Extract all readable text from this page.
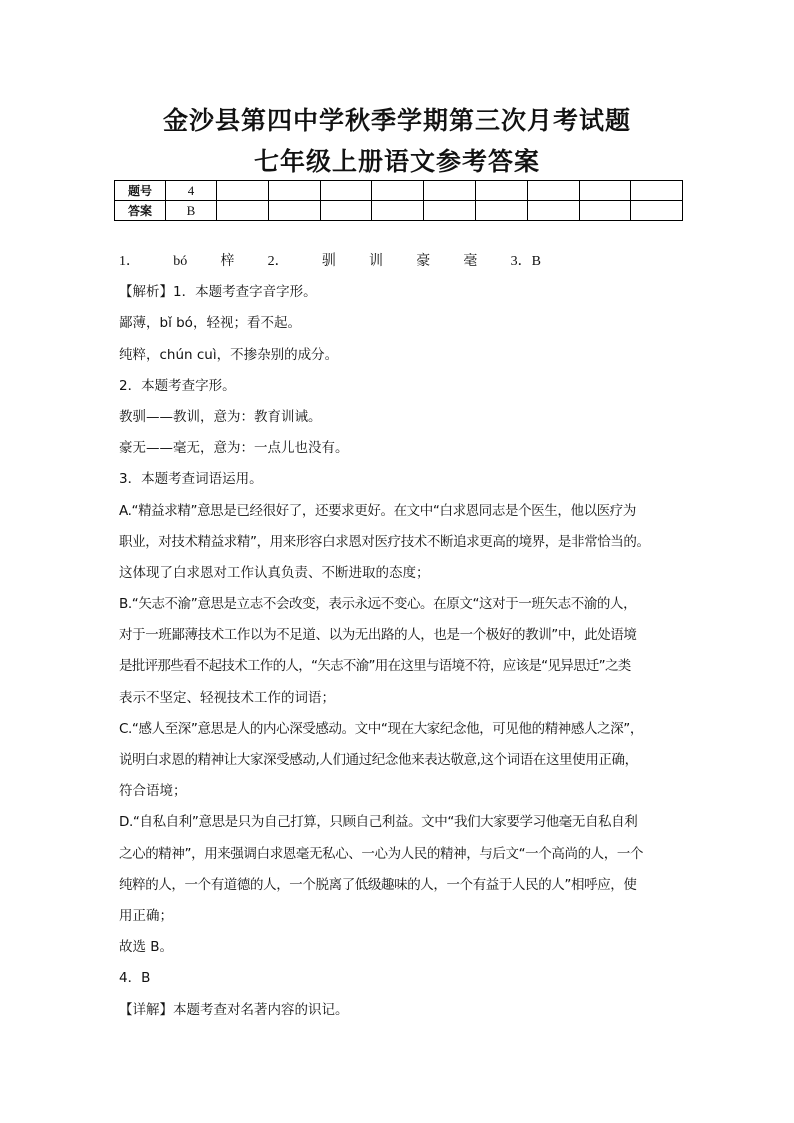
金沙县第四中学秋季学期第三次月考试题
七年级上册语文参考答案
题号	4									
答案	B									
1． bó 梓 2． 驯 训 豪 毫 3．B
【解析】1．本题考查字音字形。
鄙薄，bǐ bó，轻视；看不起。
纯粹，chún cuì，不掺杂别的成分。
2．本题考查字形。
教驯——教训，意为：教育训诫。
豪无——毫无，意为：一点儿也没有。
3．本题考查词语运用。
A.“精益求精”意思是已经很好了，还要求更好。在文中“白求恩同志是个医生，他以医疗为
职业，对技术精益求精”，用来形容白求恩对医疗技术不断追求更高的境界，是非常恰当的。
这体现了白求恩对工作认真负责、不断进取的态度；
B.“矢志不渝”意思是立志不会改变，表示永远不变心。在原文“这对于一班矢志不渝的人，
对于一班鄙薄技术工作以为不足道、以为无出路的人，也是一个极好的教训”中，此处语境
是批评那些看不起技术工作的人，“矢志不渝”用在这里与语境不符，应该是“见异思迁”之类
表示不坚定、轻视技术工作的词语；
C.“感人至深”意思是人的内心深受感动。文中“现在大家纪念他，可见他的精神感人之深”，
说明白求恩的精神让大家深受感动,人们通过纪念他来表达敬意,这个词语在这里使用正确，
符合语境；
D.“自私自利”意思是只为自己打算，只顾自己利益。文中“我们大家要学习他毫无自私自利
之心的精神”，用来强调白求恩毫无私心、一心为人民的精神，与后文“一个高尚的人，一个
纯粹的人，一个有道德的人，一个脱离了低级趣味的人，一个有益于人民的人”相呼应，使
用正确；
故选 B。
4．B
【详解】本题考查对名著内容的识记。
